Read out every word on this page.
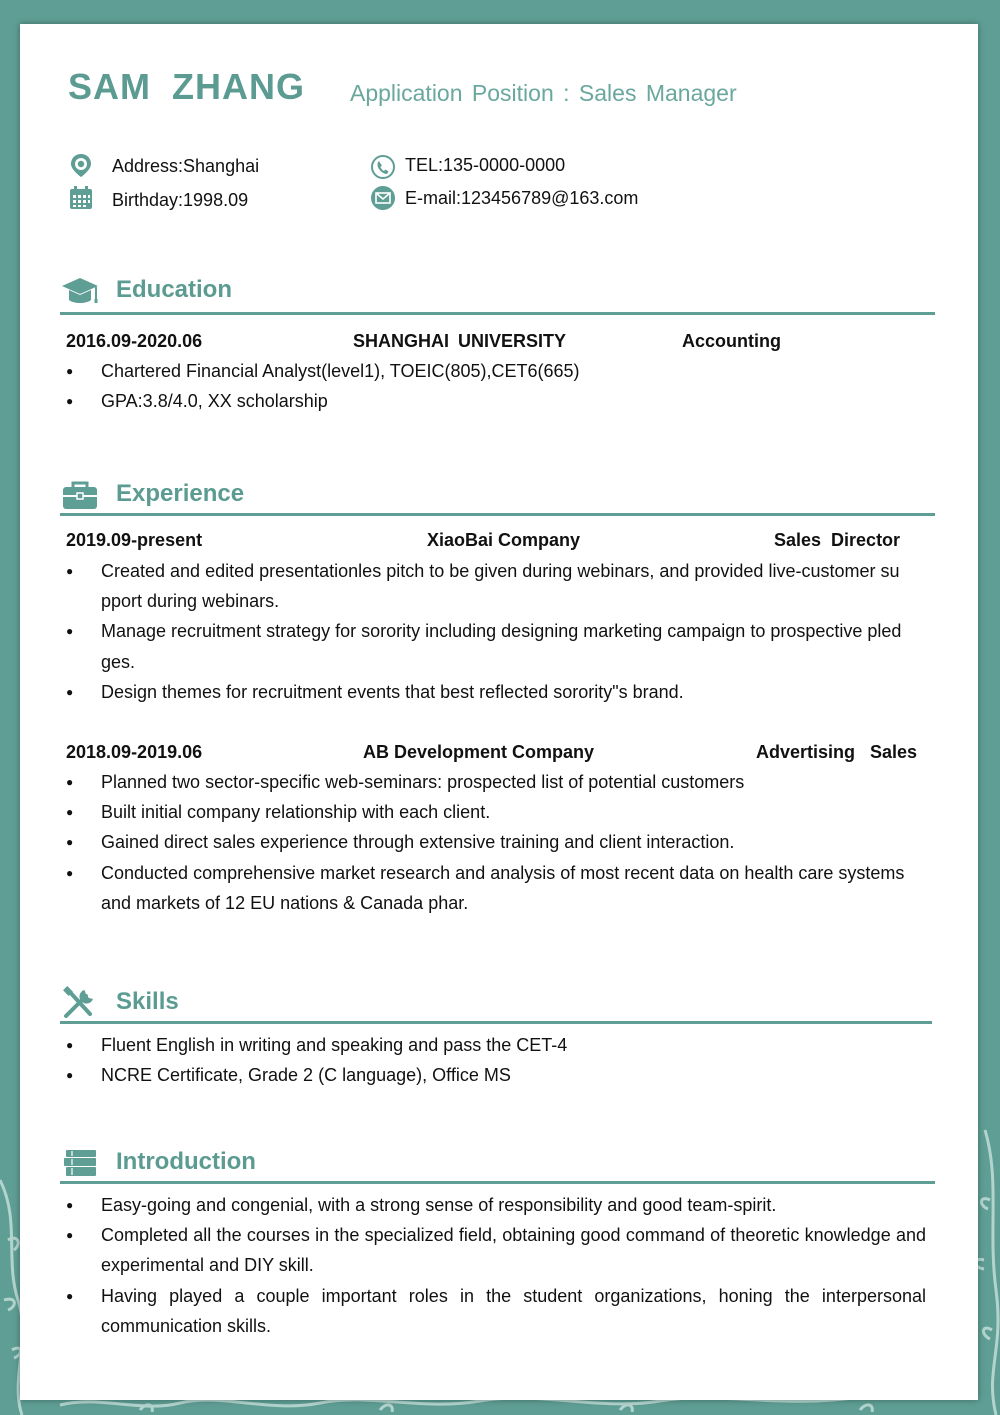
SAM ZHANG Application Position : Sales Manager
Address:Shanghai
Birthday:1998.09
TEL:135-0000-0000
E-mail:123456789@163.com
Education
2016.09-2020.06	SHANGHAI UNIVERSITY	Accounting
● Chartered Financial Analyst(level1), TOEIC(805),CET6(665)
● GPA:3.8/4.0, XX scholarship
Experience
2019.09-present	XiaoBai Company	Sales  Director
● Created and edited presentationles pitch to be given during webinars, and provided live-customer su pport during webinars.
● Manage recruitment strategy for sorority including designing marketing campaign to prospective pled ges.
● Design themes for recruitment events that best reflected sorority"s brand.
2018.09-2019.06	AB Development Company	Advertising   Sales
● Planned two sector-specific web-seminars: prospected list of potential customers
● Built initial company relationship with each client.
● Gained direct sales experience through extensive training and client interaction.
● Conducted comprehensive market research and analysis of most recent data on health care systems and markets of 12 EU nations & Canada phar.
Skills
● Fluent English in writing and speaking and pass the CET-4
● NCRE Certificate, Grade 2 (C language), Office MS
Introduction
● Easy-going and congenial, with a strong sense of responsibility and good team-spirit.
● Completed all the courses in the specialized field, obtaining good command of theoretic knowledge and experimental and DIY skill.
● Having played a couple important roles in the student organizations, honing the interpersonal communication skills.
